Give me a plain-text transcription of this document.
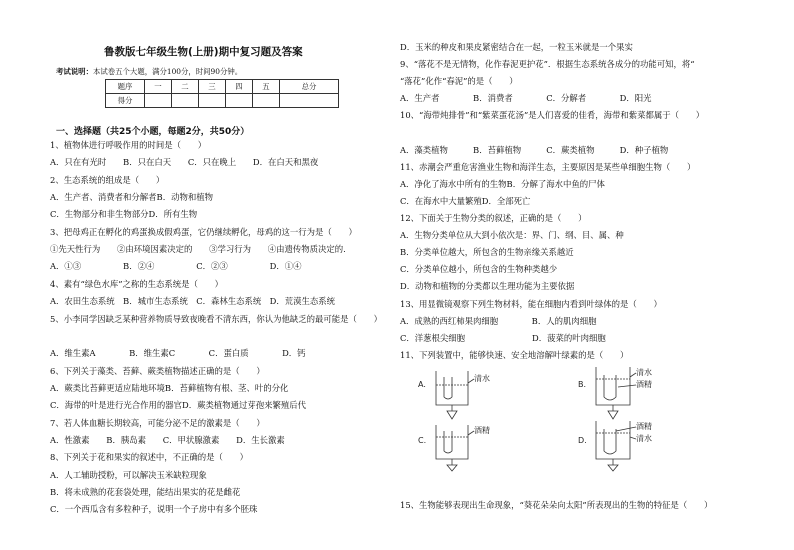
鲁教版七年级生物(上册)期中复习题及答案
考试说明：本试卷五个大题，满分100分，时间90分钟。
题序	一	二	三	四	五	总分
得分						
一、选择题（共25个小题，每题2分，共50分）
1、植物体进行呼吸作用的时间是（　　）
A．只在有光时　　B．只在白天　　C．只在晚上　　D．在白天和黑夜
2、生态系统的组成是（　　）
A．生产者、消费者和分解者B．动物和植物
C．生物部分和非生物部分D．所有生物
3、把母鸡正在孵化的鸡蛋换成假鸡蛋，它仍继续孵化，母鸡的这一行为是（　　）
①先天性行为　　②由环境因素决定的　　③学习行为　　④由遗传物质决定的.
A．①③　　　　　B．②④　　　　　C．②③　　　　　D．①④
4、素有“绿色水库”之称的生态系统是（　　）
A．农田生态系统　B．城市生态系统　C．森林生态系统　D．荒漠生态系统
5、小李同学因缺乏某种营养物质导致夜晚看不清东西，你认为他缺乏的最可能是（　　）
A．维生素A　　　　B．维生素C　　　　C．蛋白质　　　　D．钙
6、下列关于藻类、苔藓、蕨类植物描述正确的是（　　）
A．蕨类比苔藓更适应陆地环境B．苔藓植物有根、茎、叶的分化
C．海带的叶是进行光合作用的器官D．蕨类植物通过芽孢来繁殖后代
7、若人体血糖长期较高，可能分泌不足的激素是（　　）
A．性激素　　B．胰岛素　　C．甲状腺激素　　D．生长激素
8、下列关于花和果实的叙述中，不正确的是（　　）
A．人工辅助授粉，可以解决玉米缺粒现象
B．将未成熟的花套袋处理，能结出果实的花是雌花
C．一个西瓜含有多粒种子，说明一个子房中有多个胚珠
D．玉米的种皮和果皮紧密结合在一起，一粒玉米就是一个果实
9、“落花不是无情物，化作春泥更护花”．根据生态系统各成分的功能可知，将“
“落花”化作“春泥”的是（　　）
A．生产者　　　　B．消费者　　　　C．分解者　　　　D．阳光
10、“海带炖排骨”和“紫菜蛋花汤”是人们喜爱的佳肴，海带和紫菜都属于（　　）
A．藻类植物　　　B．苔藓植物　　　C．蕨类植物　　　D．种子植物
11、赤潮会严重危害渔业生物和海洋生态，主要原因是某些单细胞生物（　　）
A．净化了海水中所有的生物B．分解了海水中鱼的尸体
C．在海水中大量繁殖D．全部死亡
12、下面关于生物分类的叙述，正确的是（　　）
A．生物分类单位从大到小依次是：界、门、纲、目、属、种
B．分类单位越大，所包含的生物亲缘关系越近
C．分类单位越小，所包含的生物种类越少
D．动物和植物的分类都以生理功能为主要依据
13、用显微镜观察下列生物材料，能在细胞内看到叶绿体的是（　　）
A．成熟的西红柿果肉细胞　　　　B．人的肌肉细胞
C．洋葱根尖细胞　　　　　　　　D．菠菜的叶肉细胞
11、下列装置中，能够快速、安全地溶解叶绿素的是（　　）
15、生物能够表现出生命现象，“葵花朵朵向太阳”所表现出的生物的特征是（　　）
A.
清水
B.
清水
酒精
C.
酒精
D.
酒精
清水
